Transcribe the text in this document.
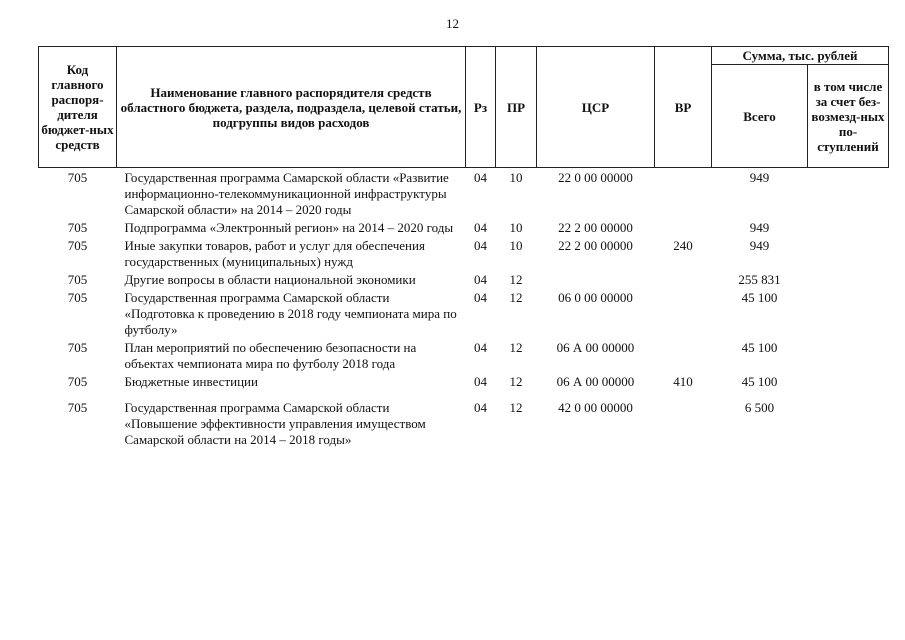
12
Код главного распоря-дителя бюджет-ных средств	Наименование главного распорядителя средств областного бюджета, раздела, подраздела, целевой статьи, подгруппы видов расходов	Рз	ПР	ЦСР	ВР	Сумма, тыс. рублей	
						Всего	в том числе за счет без-возмезд-ных по-ступлений
705	Государственная программа Самарской области «Развитие информационно-телекоммуникационной инфраструктуры Самарской области» на 2014 – 2020 годы	04	10	22 0 00 00000		949	
705	Подпрограмма «Электронный регион» на 2014 – 2020 годы	04	10	22 2 00 00000		949	
705	Иные закупки товаров, работ и услуг для обеспечения государственных (муниципальных) нужд	04	10	22 2 00 00000	240	949	
705	Другие вопросы в области национальной экономики	04	12			255 831	
705	Государственная программа Самарской области «Подготовка к проведению в 2018 году чемпионата мира по футболу»	04	12	06 0 00 00000		45 100	
705	План мероприятий по обеспечению безопасности на объектах чемпионата мира по футболу 2018 года	04	12	06 А 00 00000		45 100	
705	Бюджетные инвестиции	04	12	06 А 00 00000	410	45 100	
705	Государственная программа Самарской области «Повышение эффективности управления имуществом Самарской области на 2014 – 2018 годы»	04	12	42 0 00 00000		6 500	
